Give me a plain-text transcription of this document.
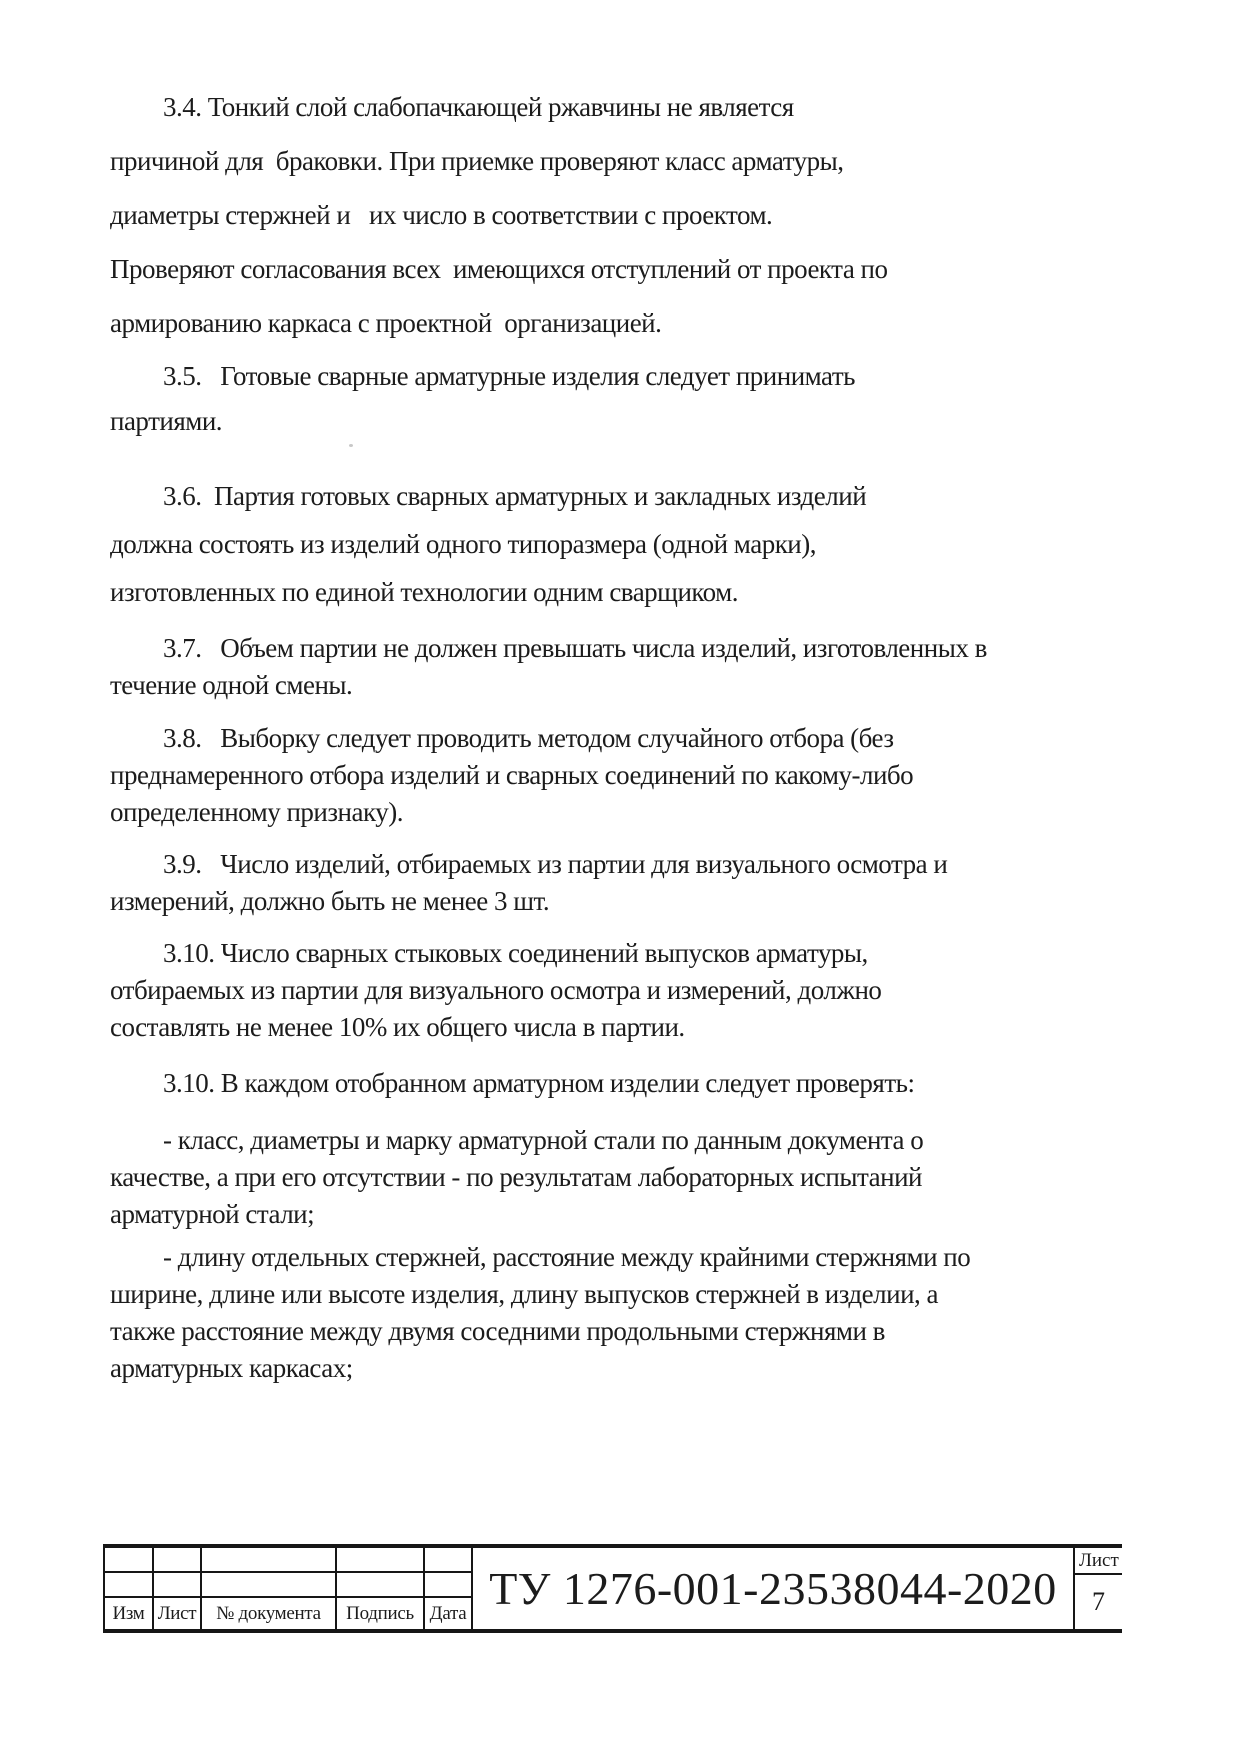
3.4. Тонкий слой слабопачкающей ржавчины не является
причиной для  браковки. При приемке проверяют класс арматуры,
диаметры стержней и   их число в соответствии с проектом.
Проверяют согласования всех  имеющихся отступлений от проекта по
армированию каркаса с проектной  организацией.
3.5.   Готовые сварные арматурные изделия следует принимать
партиями.
3.6.  Партия готовых сварных арматурных и закладных изделий
должна состоять из изделий одного типоразмера (одной марки),
изготовленных по единой технологии одним сварщиком.
3.7.   Объем партии не должен превышать числа изделий, изготовленных в
течение одной смены.
3.8.   Выборку следует проводить методом случайного отбора (без
преднамеренного отбора изделий и сварных соединений по какому-либо
определенному признаку).
3.9.   Число изделий, отбираемых из партии для визуального осмотра и
измерений, должно быть не менее 3 шт.
3.10. Число сварных стыковых соединений выпусков арматуры,
отбираемых из партии для визуального осмотра и измерений, должно
составлять не менее 10% их общего числа в партии.
3.10. В каждом отобранном арматурном изделии следует проверять:
- класс, диаметры и марку арматурной стали по данным документа о
качестве, а при его отсутствии - по результатам лабораторных испытаний
арматурной стали;
- длину отдельных стержней, расстояние между крайними стержнями по
ширине, длине или высоте изделия, длину выпусков стержней в изделии, а
также расстояние между двумя соседними продольными стержнями в
арматурных каркасах;
Изм Лист	№ документа	Подпись Дата ТУ 1276-001-23538044-2020
Лист
7
